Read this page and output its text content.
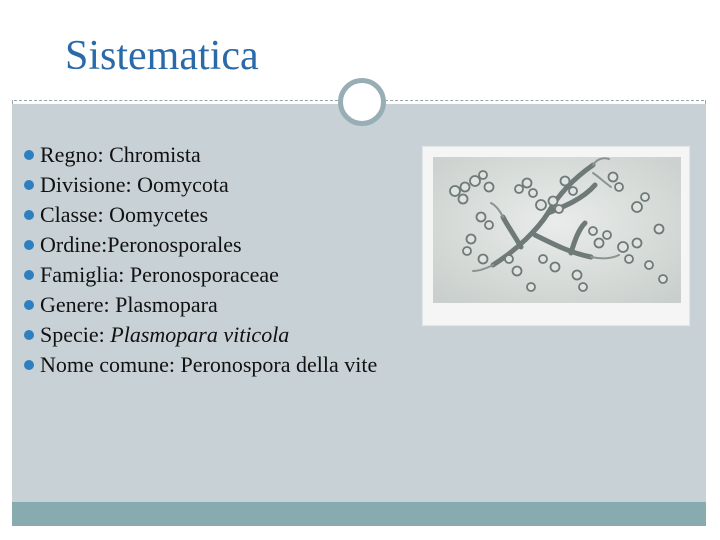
Sistematica
Regno: Chromista
Divisione: Oomycota
Classe: Oomycetes
Ordine:Peronosporales
Famiglia: Peronosporaceae
Genere: Plasmopara
Specie: Plasmopara viticola
Nome comune: Peronospora della vite
